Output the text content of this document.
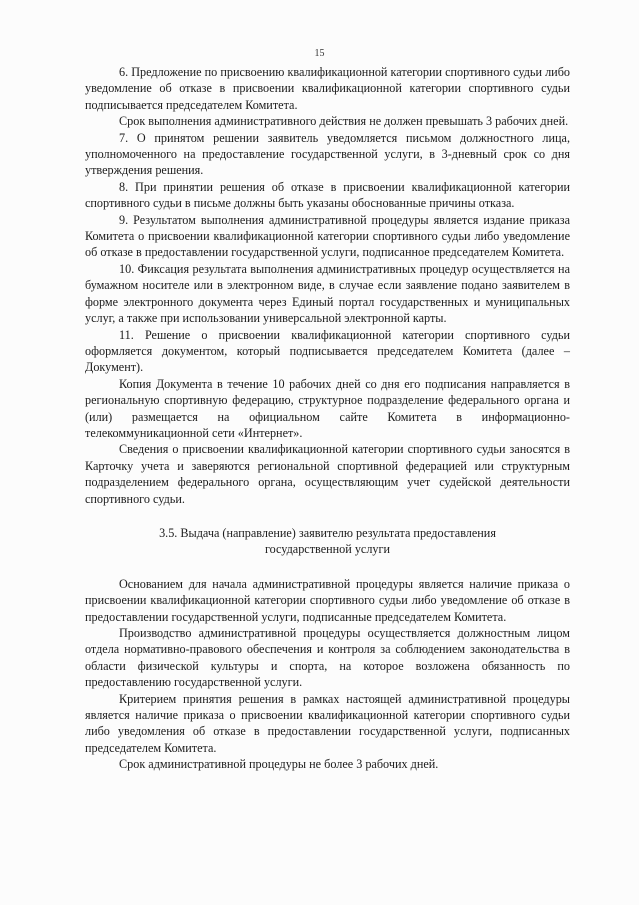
15

6. Предложение по присвоению квалификационной категории спортивного судьи либо уведомление об отказе в присвоении квалификационной категории спортивного судьи подписывается председателем Комитета.

Срок выполнения административного действия не должен превышать 3 рабочих дней.

7. О принятом решении заявитель уведомляется письмом должностного лица, уполномоченного на предоставление государственной услуги, в 3-дневный срок со дня утверждения решения.

8. При принятии решения об отказе в присвоении квалификационной категории спортивного судьи в письме должны быть указаны обоснованные причины отказа.

9. Результатом выполнения административной процедуры является издание приказа Комитета о присвоении квалификационной категории спортивного судьи либо уведомление об отказе в предоставлении государственной услуги, подписанное председателем Комитета.

10. Фиксация результата выполнения административных процедур осуществляется на бумажном носителе или в электронном виде, в случае если заявление подано заявителем в форме электронного документа через Единый портал государственных и муниципальных услуг, а также при использовании универсальной электронной карты.

11. Решение о присвоении квалификационной категории спортивного судьи оформляется документом, который подписывается председателем Комитета (далее – Документ).

Копия Документа в течение 10 рабочих дней со дня его подписания направляется в региональную спортивную федерацию, структурное подразделение федерального органа и (или) размещается на официальном сайте Комитета в информационно-телекоммуникационной сети «Интернет».

Сведения о присвоении квалификационной категории спортивного судьи заносятся в Карточку учета и заверяются региональной спортивной федерацией или структурным подразделением федерального органа, осуществляющим учет судейской деятельности спортивного судьи.

3.5. Выдача (направление) заявителю результата предоставления
государственной услуги

Основанием для начала административной процедуры является наличие приказа о присвоении квалификационной категории спортивного судьи либо уведомление об отказе в предоставлении государственной услуги, подписанные председателем Комитета.

Производство административной процедуры осуществляется должностным лицом отдела нормативно-правового обеспечения и контроля за соблюдением законодательства в области физической культуры и спорта, на которое возложена обязанность по предоставлению государственной услуги.

Критерием принятия решения в рамках настоящей административной процедуры является наличие приказа о присвоении квалификационной категории спортивного судьи либо уведомления об отказе в предоставлении государственной услуги, подписанных председателем Комитета.

Срок административной процедуры не более 3 рабочих дней.
